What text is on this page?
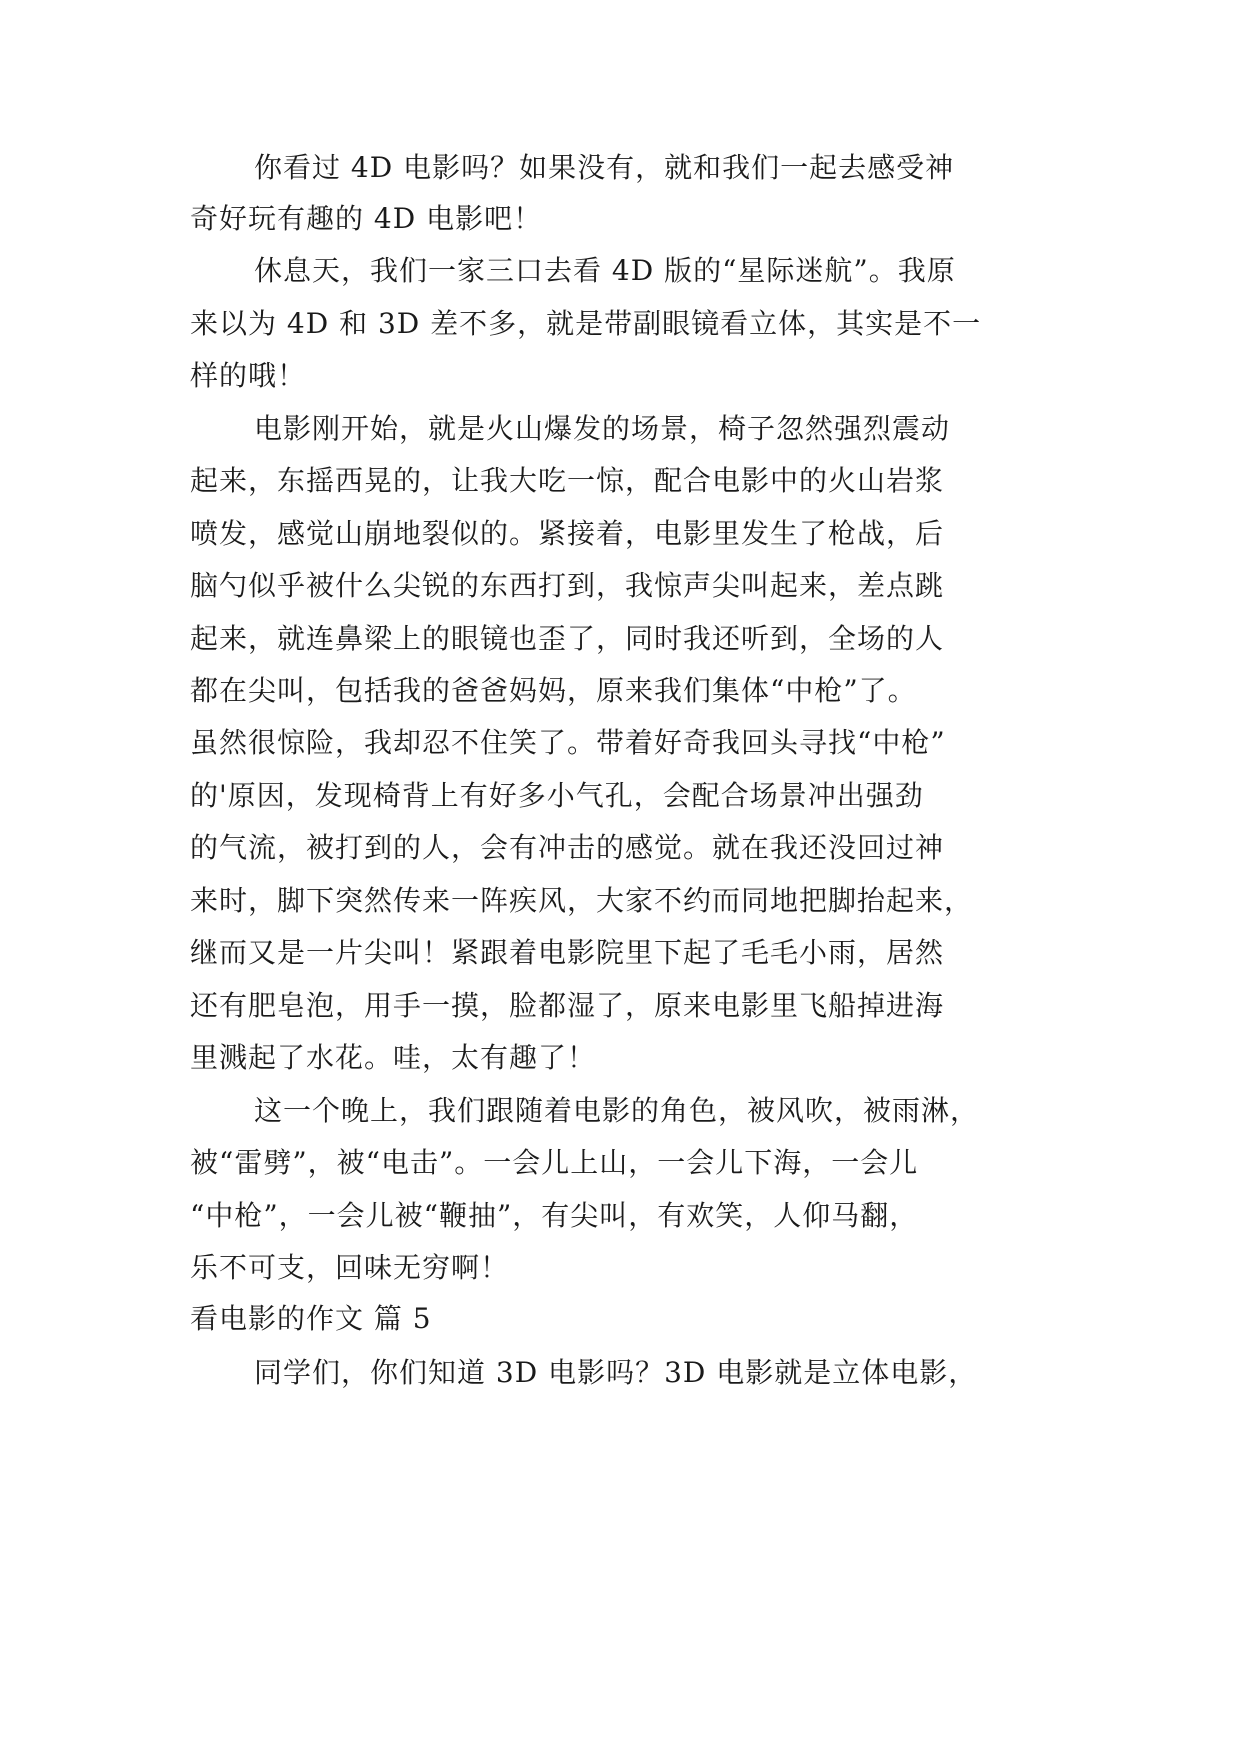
你看过 4D 电影吗？如果没有，就和我们一起去感受神

奇好玩有趣的 4D 电影吧！

休息天，我们一家三口去看 4D 版的“星际迷航”。我原

来以为 4D 和 3D 差不多，就是带副眼镜看立体，其实是不一

样的哦！

电影刚开始，就是火山爆发的场景，椅子忽然强烈震动

起来，东摇西晃的，让我大吃一惊，配合电影中的火山岩浆

喷发，感觉山崩地裂似的。紧接着，电影里发生了枪战，后

脑勺似乎被什么尖锐的东西打到，我惊声尖叫起来，差点跳

起来，就连鼻梁上的眼镜也歪了，同时我还听到，全场的人

都在尖叫，包括我的爸爸妈妈，原来我们集体“中枪”了。

虽然很惊险，我却忍不住笑了。带着好奇我回头寻找“中枪”

的'原因，发现椅背上有好多小气孔，会配合场景冲出强劲

的气流，被打到的人，会有冲击的感觉。就在我还没回过神

来时，脚下突然传来一阵疾风，大家不约而同地把脚抬起来，

继而又是一片尖叫！紧跟着电影院里下起了毛毛小雨，居然

还有肥皂泡，用手一摸，脸都湿了，原来电影里飞船掉进海

里溅起了水花。哇，太有趣了！

这一个晚上，我们跟随着电影的角色，被风吹，被雨淋，

被“雷劈”，被“电击”。一会儿上山，一会儿下海，一会儿

“中枪”，一会儿被“鞭抽”，有尖叫，有欢笑，人仰马翻，

乐不可支，回味无穷啊！

看电影的作文 篇 5

同学们，你们知道 3D 电影吗？3D 电影就是立体电影，
